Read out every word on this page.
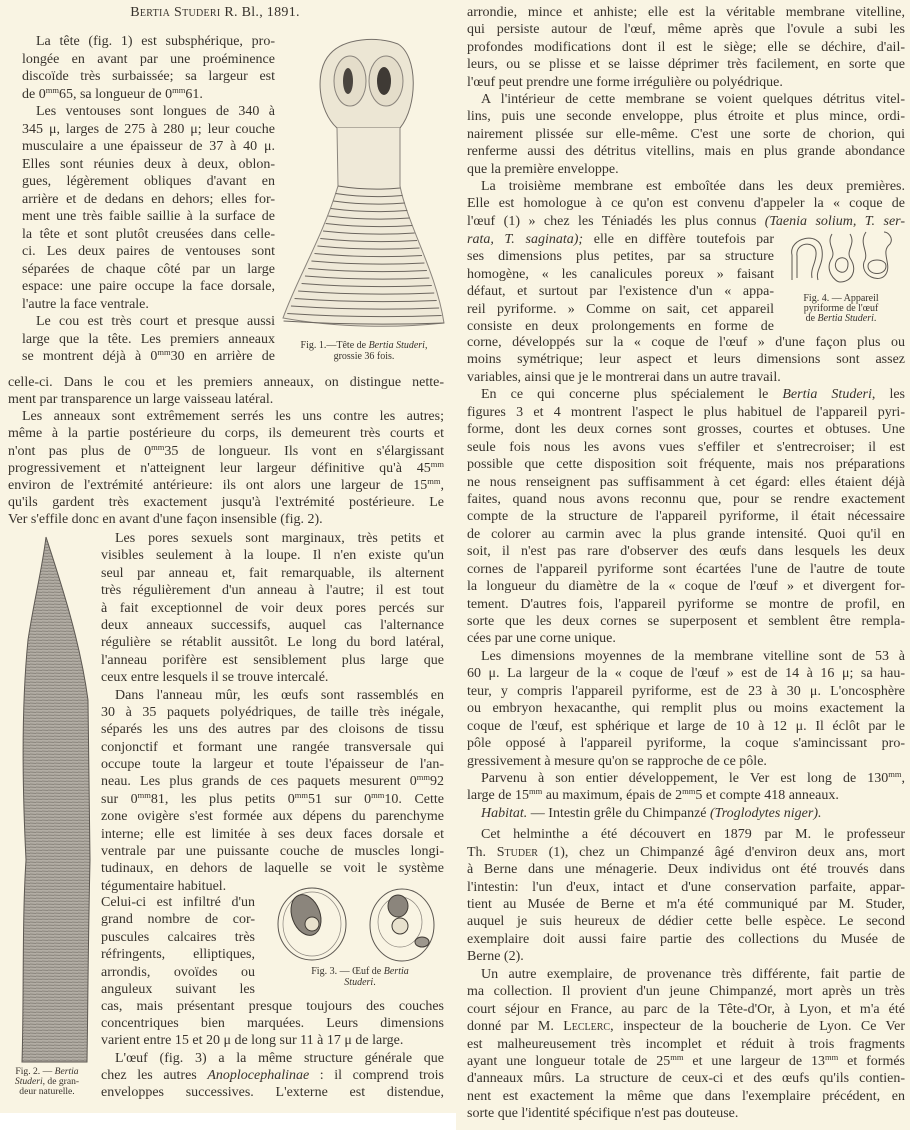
Bertia Studeri R. Bl., 1891.
La tête (fig. 1) est subsphérique, pro-
longée en avant par une proéminence
discoïde très surbaissée; sa largeur est
de $0^{mm}65$, sa longueur de $0^{mm}61$.
Les ventouses sont longues de 340 à
345 μ, larges de 275 à 280 μ; leur couche
musculaire a une épaisseur de 37 à 40 μ.
Elles sont réunies deux à deux, oblon-
gues, légèrement obliques d'avant en
arrière et de dedans en dehors; elles for-
ment une très faible saillie à la surface de
la tête et sont plutôt creusées dans celle-
ci. Les deux paires de ventouses sont
séparées de chaque côté par un large
espace: une paire occupe la face dorsale,
l'autre la face ventrale.
Le cou est très court et presque aussi
large que la tête. Les premiers anneaux
se montrent déjà à $0^{mm}30$ en arrière de
celle-ci. Dans le cou et les premiers anneaux, on distingue nette-
ment par transparence un large vaisseau latéral.
Les anneaux sont extrêmement serrés les uns contre les autres;
même à la partie postérieure du corps, ils demeurent très courts et
n'ont pas plus de $0^{mm}35$ de longueur. Ils vont en s'élargissant
progressivement et n'atteignent leur largeur définitive qu'à $45^{mm}$
environ de l'extrémité antérieure: ils ont alors une largeur de $15^{mm}$,
qu'ils gardent très exactement jusqu'à l'extrémité postérieure. Le
Ver s'effile donc en avant d'une façon insensible (fig. 2).
Les pores sexuels sont marginaux, très petits et
visibles seulement à la loupe. Il n'en existe qu'un
seul par anneau et, fait remarquable, ils alternent
très régulièrement d'un anneau à l'autre; il est tout
à fait exceptionnel de voir deux pores percés sur
deux anneaux successifs, auquel cas l'alternance
régulière se rétablit aussitôt. Le long du bord latéral,
l'anneau porifère est sensiblement plus large que
ceux entre lesquels il se trouve intercalé.
Dans l'anneau mûr, les œufs sont rassemblés en
30 à 35 paquets polyédriques, de taille très inégale,
séparés les uns des autres par des cloisons de tissu
conjonctif et formant une rangée transversale qui
occupe toute la largeur et toute l'épaisseur de l'an-
neau. Les plus grands de ces paquets mesurent $0^{mm}92$
sur $0^{mm}81$, les plus petits $0^{mm}51$ sur $0^{mm}10$. Cette
zone ovigère s'est formée aux dépens du parenchyme
interne; elle est limitée à ses deux faces dorsale et
ventrale par une puissante couche de muscles longi-
tudinaux, en dehors de laquelle se voit le système
tégumentaire habituel.
Celui-ci est infiltré d'un
grand nombre de cor-
puscules calcaires très
réfringents, elliptiques,
arrondis, ovoïdes ou
anguleux suivant les
cas, mais présentant presque toujours des couches
concentriques bien marquées. Leurs dimensions
varient entre 15 et 20 μ de long sur 11 à 17 μ de large.
L'œuf (fig. 3) a la même structure générale que
chez les autres Anoplocephalinae : il comprend trois
enveloppes successives. L'externe est distendue,
arrondie, mince et anhiste; elle est la véritable membrane vitelline,
qui persiste autour de l'œuf, même après que l'ovule a subi les
profondes modifications dont il est le siège; elle se déchire, d'ail-
leurs, ou se plisse et se laisse déprimer très facilement, en sorte que
l'œuf peut prendre une forme irrégulière ou polyédrique.
A l'intérieur de cette membrane se voient quelques détritus vitel-
lins, puis une seconde enveloppe, plus étroite et plus mince, ordi-
nairement plissée sur elle-même. C'est une sorte de chorion, qui
renferme aussi des détritus vitellins, mais en plus grande abondance
que la première enveloppe.
La troisième membrane est emboîtée dans les deux premières.
Elle est homologue à ce qu'on est convenu d'appeler la « coque de
l'œuf (1) » chez les Téniadés les plus connus (Taenia solium, T. ser-
rata, T. saginata); elle en diffère toutefois par
ses dimensions plus petites, par sa structure
homogène, « les canalicules poreux » faisant
défaut, et surtout par l'existence d'un « appa-
reil pyriforme. » Comme on sait, cet appareil
consiste en deux prolongements en forme de
corne, développés sur la « coque de l'œuf » d'une façon plus ou
moins symétrique; leur aspect et leurs dimensions sont assez
variables, ainsi que je le montrerai dans un autre travail.
En ce qui concerne plus spécialement le Bertia Studeri, les
figures 3 et 4 montrent l'aspect le plus habituel de l'appareil pyri-
forme, dont les deux cornes sont grosses, courtes et obtuses. Une
seule fois nous les avons vues s'effiler et s'entrecroiser; il est
possible que cette disposition soit fréquente, mais nos préparations
ne nous renseignent pas suffisamment à cet égard: elles étaient déjà
faites, quand nous avons reconnu que, pour se rendre exactement
compte de la structure de l'appareil pyriforme, il était nécessaire
de colorer au carmin avec la plus grande intensité. Quoi qu'il en
soit, il n'est pas rare d'observer des œufs dans lesquels les deux
cornes de l'appareil pyriforme sont écartées l'une de l'autre de toute
la longueur du diamètre de la « coque de l'œuf » et divergent for-
tement. D'autres fois, l'appareil pyriforme se montre de profil, en
sorte que les deux cornes se superposent et semblent être rempla-
cées par une corne unique.
Les dimensions moyennes de la membrane vitelline sont de 53 à
60 μ. La largeur de la « coque de l'œuf » est de 14 à 16 μ; sa hau-
teur, y compris l'appareil pyriforme, est de 23 à 30 μ. L'oncosphère
ou embryon hexacanthe, qui remplit plus ou moins exactement la
coque de l'œuf, est sphérique et large de 10 à 12 μ. Il éclôt par le
pôle opposé à l'appareil pyriforme, la coque s'amincissant pro-
gressivement à mesure qu'on se rapproche de ce pôle.
Parvenu à son entier développement, le Ver est long de $130^{mm}$,
large de $15^{mm}$ au maximum, épais de $2^{mm}5$ et compte 418 anneaux.
Habitat. — Intestin grêle du Chimpanzé (Troglodytes niger).
Cet helminthe a été découvert en 1879 par M. le professeur
Th. Studer (1), chez un Chimpanzé âgé d'environ deux ans, mort
à Berne dans une ménagerie. Deux individus ont été trouvés dans
l'intestin: l'un d'eux, intact et d'une conservation parfaite, appar-
tient au Musée de Berne et m'a été communiqué par M. Studer,
auquel je suis heureux de dédier cette belle espèce. Le second
exemplaire doit aussi faire partie des collections du Musée de
Berne (2).
Un autre exemplaire, de provenance très différente, fait partie de
ma collection. Il provient d'un jeune Chimpanzé, mort après un très
court séjour en France, au parc de la Tête-d'Or, à Lyon, et m'a été
donné par M. Leclerc, inspecteur de la boucherie de Lyon. Ce Ver
est malheureusement très incomplet et réduit à trois fragments
ayant une longueur totale de $25^{mm}$ et une largeur de $13^{mm}$ et formés
d'anneaux mûrs. La structure de ceux-ci et des œufs qu'ils contien-
nent est exactement la même que dans l'exemplaire précédent, en
sorte que l'identité spécifique n'est pas douteuse.
Fig. 1.—Tête de Bertia Studeri,
grossie 36 fois.
Fig. 2. — Bertia
Studeri, de gran-
deur naturelle.
Fig. 3. — Œuf de Bertia
Studeri.
Fig. 4. — Appareil
pyriforme de l'œuf
de Bertia Studeri.
